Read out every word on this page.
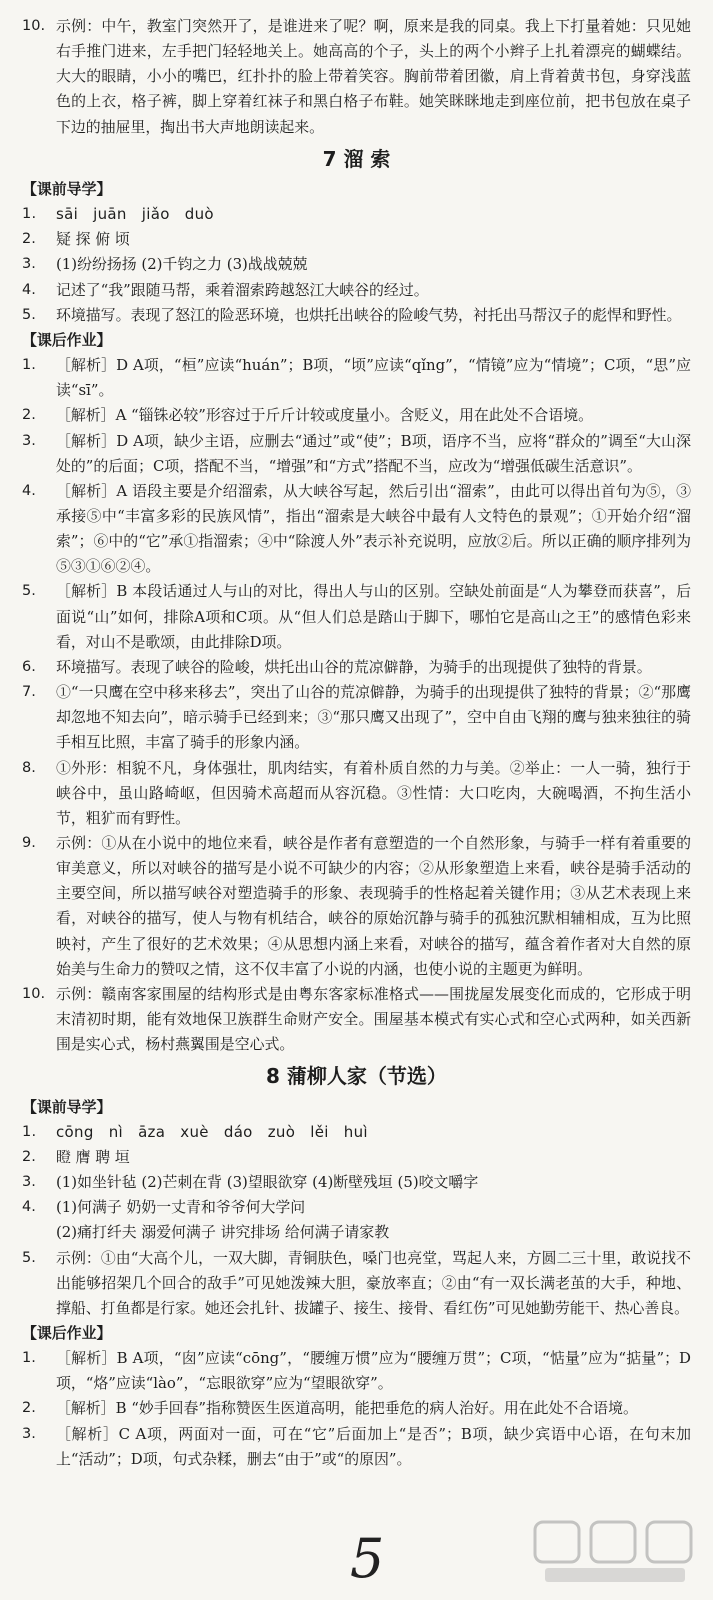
10. 示例：中午，教室门突然开了，是谁进来了呢？啊，原来是我的同桌。我上下打量着她：只见她右手推门进来，左手把门轻轻地关上。她高高的个子，头上的两个小辫子上扎着漂亮的蝴蝶结。大大的眼睛，小小的嘴巴，红扑扑的脸上带着笑容。胸前带着团徽，肩上背着黄书包，身穿浅蓝色的上衣，格子裤，脚上穿着红袜子和黑白格子布鞋。她笑眯眯地走到座位前，把书包放在桌子下边的抽屉里，掏出书大声地朗读起来。

7 溜 索

【课前导学】

1.	sāi juān jiǎo duò

2.	疑 探 俯 顷

3.	(1)纷纷扬扬 (2)千钧之力 (3)战战兢兢

4.	记述了“我”跟随马帮，乘着溜索跨越怒江大峡谷的经过。

5.	环境描写。表现了怒江的险恶环境，也烘托出峡谷的险峻气势，衬托出马帮汉子的彪悍和野性。

【课后作业】

1.	［解析］D A项，“桓”应读“huán”；B项，“顷”应读“qǐng”，“情镜”应为“情境”；C项，“思”应读“sī”。

2.	［解析］A “锱铢必较”形容过于斤斤计较或度量小。含贬义，用在此处不合语境。

3.	［解析］D A项，缺少主语，应删去“通过”或“使”；B项，语序不当，应将“群众的”调至“大山深处的”的后面；C项，搭配不当，“增强”和“方式”搭配不当，应改为“增强低碳生活意识”。

4.	［解析］A 语段主要是介绍溜索，从大峡谷写起，然后引出“溜索”，由此可以得出首句为⑤，③承接⑤中“丰富多彩的民族风情”，指出“溜索是大峡谷中最有人文特色的景观”；①开始介绍“溜索”；⑥中的“它”承①指溜索；④中“除渡人外”表示补充说明，应放②后。所以正确的顺序排列为⑤③①⑥②④。

5.	［解析］B 本段话通过人与山的对比，得出人与山的区别。空缺处前面是“人为攀登而获喜”，后面说“山”如何，排除A项和C项。从“但人们总是踏山于脚下，哪怕它是高山之王”的感情色彩来看，对山不是歌颂，由此排除D项。

6.	环境描写。表现了峡谷的险峻，烘托出山谷的荒凉僻静，为骑手的出现提供了独特的背景。

7.	①“一只鹰在空中移来移去”，突出了山谷的荒凉僻静，为骑手的出现提供了独特的背景；②“那鹰却忽地不知去向”，暗示骑手已经到来；③“那只鹰又出现了”，空中自由飞翔的鹰与独来独往的骑手相互比照，丰富了骑手的形象内涵。

8.	①外形：相貌不凡，身体强壮，肌肉结实，有着朴质自然的力与美。②举止：一人一骑，独行于峡谷中，虽山路崎岖，但因骑术高超而从容沉稳。③性情：大口吃肉，大碗喝酒，不拘生活小节，粗犷而有野性。

9.	示例：①从在小说中的地位来看，峡谷是作者有意塑造的一个自然形象，与骑手一样有着重要的审美意义，所以对峡谷的描写是小说不可缺少的内容；②从形象塑造上来看，峡谷是骑手活动的主要空间，所以描写峡谷对塑造骑手的形象、表现骑手的性格起着关键作用；③从艺术表现上来看，对峡谷的描写，使人与物有机结合，峡谷的原始沉静与骑手的孤独沉默相辅相成，互为比照映衬，产生了很好的艺术效果；④从思想内涵上来看，对峡谷的描写，蕴含着作者对大自然的原始美与生命力的赞叹之情，这不仅丰富了小说的内涵，也使小说的主题更为鲜明。

10. 示例：赣南客家围屋的结构形式是由粤东客家标准格式——围拢屋发展变化而成的，它形成于明末清初时期，能有效地保卫族群生命财产安全。围屋基本模式有实心式和空心式两种，如关西新围是实心式，杨村燕翼围是空心式。

8 蒲柳人家（节选）

【课前导学】

1.	cōng nì āza xuè dáo zuò lěi huì

2.	瞪 膺 聘 垣

3.	(1)如坐针毡 (2)芒刺在背 (3)望眼欲穿 (4)断壁残垣 (5)咬文嚼字

4.	(1)何满子 奶奶一丈青和爷爷何大学问
(2)痛打纤夫 溺爱何满子 讲究排场 给何满子请家教

5.	示例：①由“大高个儿，一双大脚，青铜肤色，嗓门也亮堂，骂起人来，方圆二三十里，敢说找不出能够招架几个回合的敌手”可见她泼辣大胆，豪放率直；②由“有一双长满老茧的大手，种地、撑船、打鱼都是行家。她还会扎针、拔罐子、接生、接骨、看红伤”可见她勤劳能干、热心善良。

【课后作业】

1.	［解析］B A项，“囱”应读“cōng”，“腰缠万惯”应为“腰缠万贯”；C项，“惦量”应为“掂量”；D项，“烙”应读“lào”，“忘眼欲穿”应为“望眼欲穿”。

2.	［解析］B “妙手回春”指称赞医生医道高明，能把垂危的病人治好。用在此处不合语境。

3.	［解析］C A项，两面对一面，可在“它”后面加上“是否”；B项，缺少宾语中心语，在句末加上“活动”；D项，句式杂糅，删去“由于”或“的原因”。

5
